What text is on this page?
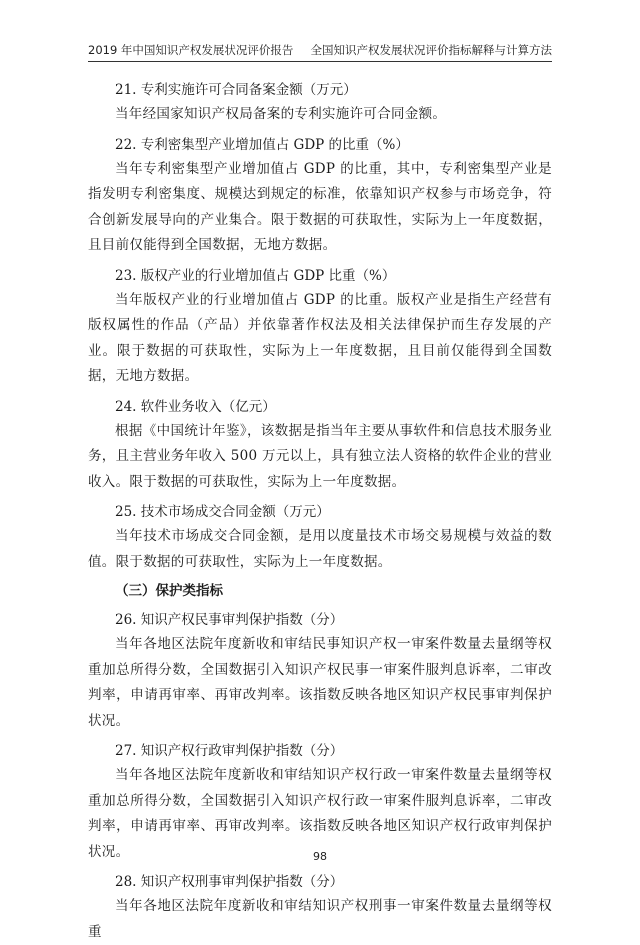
2019 年中国知识产权发展状况评价报告 全国知识产权发展状况评价指标解释与计算方法
21. 专利实施许可合同备案金额（万元）
当年经国家知识产权局备案的专利实施许可合同金额。
22. 专利密集型产业增加值占 GDP 的比重（%）
当年专利密集型产业增加值占 GDP 的比重，其中，专利密集型产业是指发明专利密集度、规模达到规定的标准，依靠知识产权参与市场竞争，符合创新发展导向的产业集合。限于数据的可获取性，实际为上一年度数据，且目前仅能得到全国数据，无地方数据。
23. 版权产业的行业增加值占 GDP 比重（%）
当年版权产业的行业增加值占 GDP 的比重。版权产业是指生产经营有版权属性的作品（产品）并依靠著作权法及相关法律保护而生存发展的产业。限于数据的可获取性，实际为上一年度数据，且目前仅能得到全国数据，无地方数据。
24. 软件业务收入（亿元）
根据《中国统计年鉴》，该数据是指当年主要从事软件和信息技术服务业务，且主营业务年收入 500 万元以上，具有独立法人资格的软件企业的营业收入。限于数据的可获取性，实际为上一年度数据。
25. 技术市场成交合同金额（万元）
当年技术市场成交合同金额，是用以度量技术市场交易规模与效益的数值。限于数据的可获取性，实际为上一年度数据。
（三）保护类指标
26. 知识产权民事审判保护指数（分）
当年各地区法院年度新收和审结民事知识产权一审案件数量去量纲等权重加总所得分数，全国数据引入知识产权民事一审案件服判息诉率，二审改判率，申请再审率、再审改判率。该指数反映各地区知识产权民事审判保护状况。
27. 知识产权行政审判保护指数（分）
当年各地区法院年度新收和审结知识产权行政一审案件数量去量纲等权重加总所得分数，全国数据引入知识产权行政一审案件服判息诉率，二审改判率，申请再审率、再审改判率。该指数反映各地区知识产权行政审判保护状况。
28. 知识产权刑事审判保护指数（分）
当年各地区法院年度新收和审结知识产权刑事一审案件数量去量纲等权重
98
